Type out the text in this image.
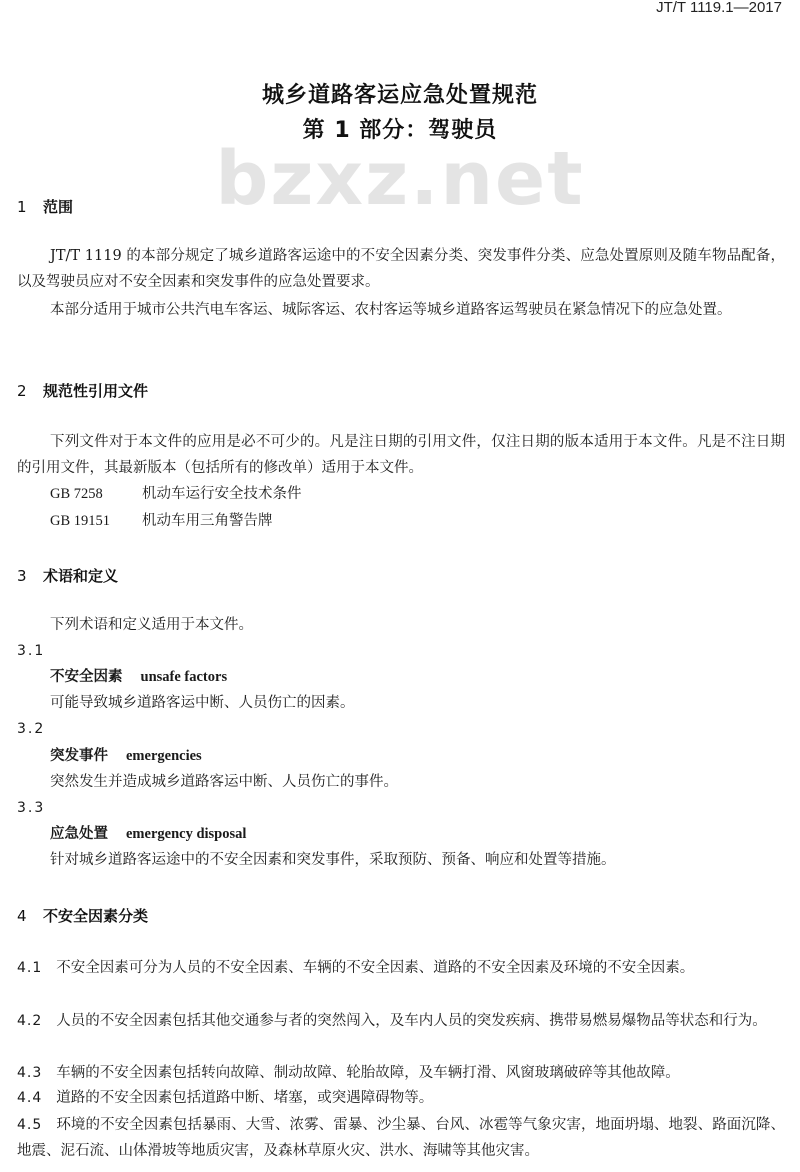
JT/T 1119.1—2017
城乡道路客运应急处置规范
第 1 部分：驾驶员
bzxz.net
1 范围
JT/T 1119 的本部分规定了城乡道路客运途中的不安全因素分类、突发事件分类、应急处置原则及随车物品配备，以及驾驶员应对不安全因素和突发事件的应急处置要求。
本部分适用于城市公共汽电车客运、城际客运、农村客运等城乡道路客运驾驶员在紧急情况下的应急处置。
2 规范性引用文件
下列文件对于本文件的应用是必不可少的。凡是注日期的引用文件，仅注日期的版本适用于本文件。凡是不注日期的引用文件，其最新版本（包括所有的修改单）适用于本文件。
GB 7258	机动车运行安全技术条件
GB 19151 机动车用三角警告牌
3 术语和定义
下列术语和定义适用于本文件。
3.1
不安全因素 unsafe factors
可能导致城乡道路客运中断、人员伤亡的因素。
3.2
突发事件 emergencies
突然发生并造成城乡道路客运中断、人员伤亡的事件。
3.3
应急处置 emergency disposal
针对城乡道路客运途中的不安全因素和突发事件，采取预防、预备、响应和处置等措施。
4 不安全因素分类
4.1 不安全因素可分为人员的不安全因素、车辆的不安全因素、道路的不安全因素及环境的不安全因素。
4.2 人员的不安全因素包括其他交通参与者的突然闯入，及车内人员的突发疾病、携带易燃易爆物品等状态和行为。
4.3 车辆的不安全因素包括转向故障、制动故障、轮胎故障，及车辆打滑、风窗玻璃破碎等其他故障。
4.4 道路的不安全因素包括道路中断、堵塞，或突遇障碍物等。
4.5 环境的不安全因素包括暴雨、大雪、浓雾、雷暴、沙尘暴、台风、冰雹等气象灾害，地面坍塌、地裂、路面沉降、地震、泥石流、山体滑坡等地质灾害，及森林草原火灾、洪水、海啸等其他灾害。
